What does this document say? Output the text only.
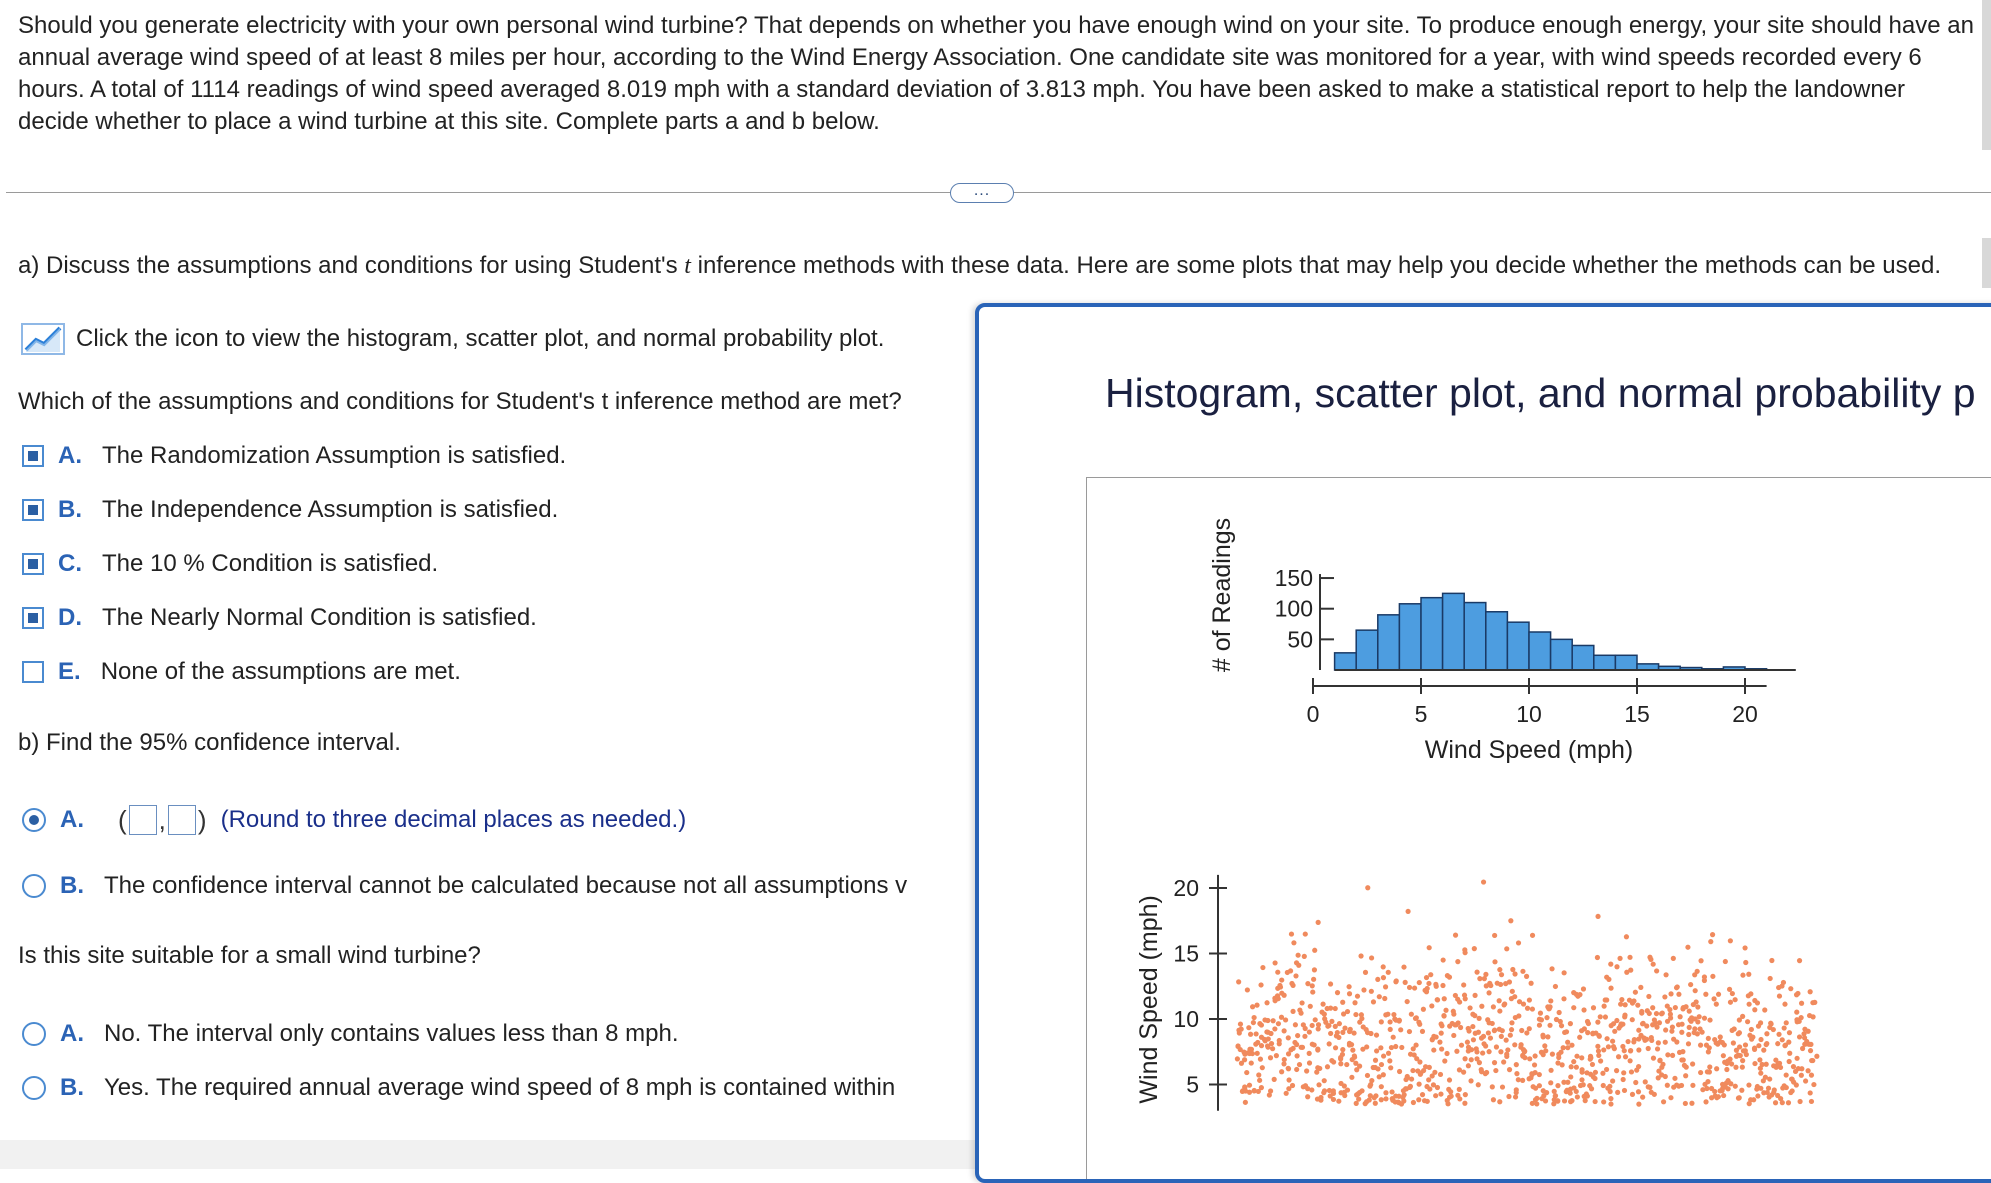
Should you generate electricity with your own personal wind turbine? That depends on whether you have enough wind on your site. To produce enough energy, your site should have an annual average wind speed of at least 8 miles per hour, according to the Wind Energy Association. One candidate site was monitored for a year, with wind speeds recorded every 6 hours. A total of 1114 readings of wind speed averaged 8.019 mph with a standard deviation of 3.813 mph. You have been asked to make a statistical report to help the landowner decide whether to place a wind turbine at this site. Complete parts a and b below.
...
a) Discuss the assumptions and conditions for using Student's t inference methods with these data. Here are some plots that may help you decide whether the methods can be used.
Click the icon to view the histogram, scatter plot, and normal probability plot.
Which of the assumptions and conditions for Student's t inference method are met?
A. The Randomization Assumption is satisfied.
B. The Independence Assumption is satisfied.
C. The 10 % Condition is satisfied.
D. The Nearly Normal Condition is satisfied.
E. None of the assumptions are met.
b) Find the 95% confidence interval.
A. ( , ) (Round to three decimal places as needed.)
B. The confidence interval cannot be calculated because not all assumptions v
Is this site suitable for a small wind turbine?
A. No. The interval only contains values less than 8 mph.
B. Yes. The required annual average wind speed of 8 mph is contained within
Histogram, scatter plot, and normal probability p
50
100
150
0	5	10	15	20
Wind Speed (mph)
# of Readings
5
10
15
20
Wind Speed (mph)
